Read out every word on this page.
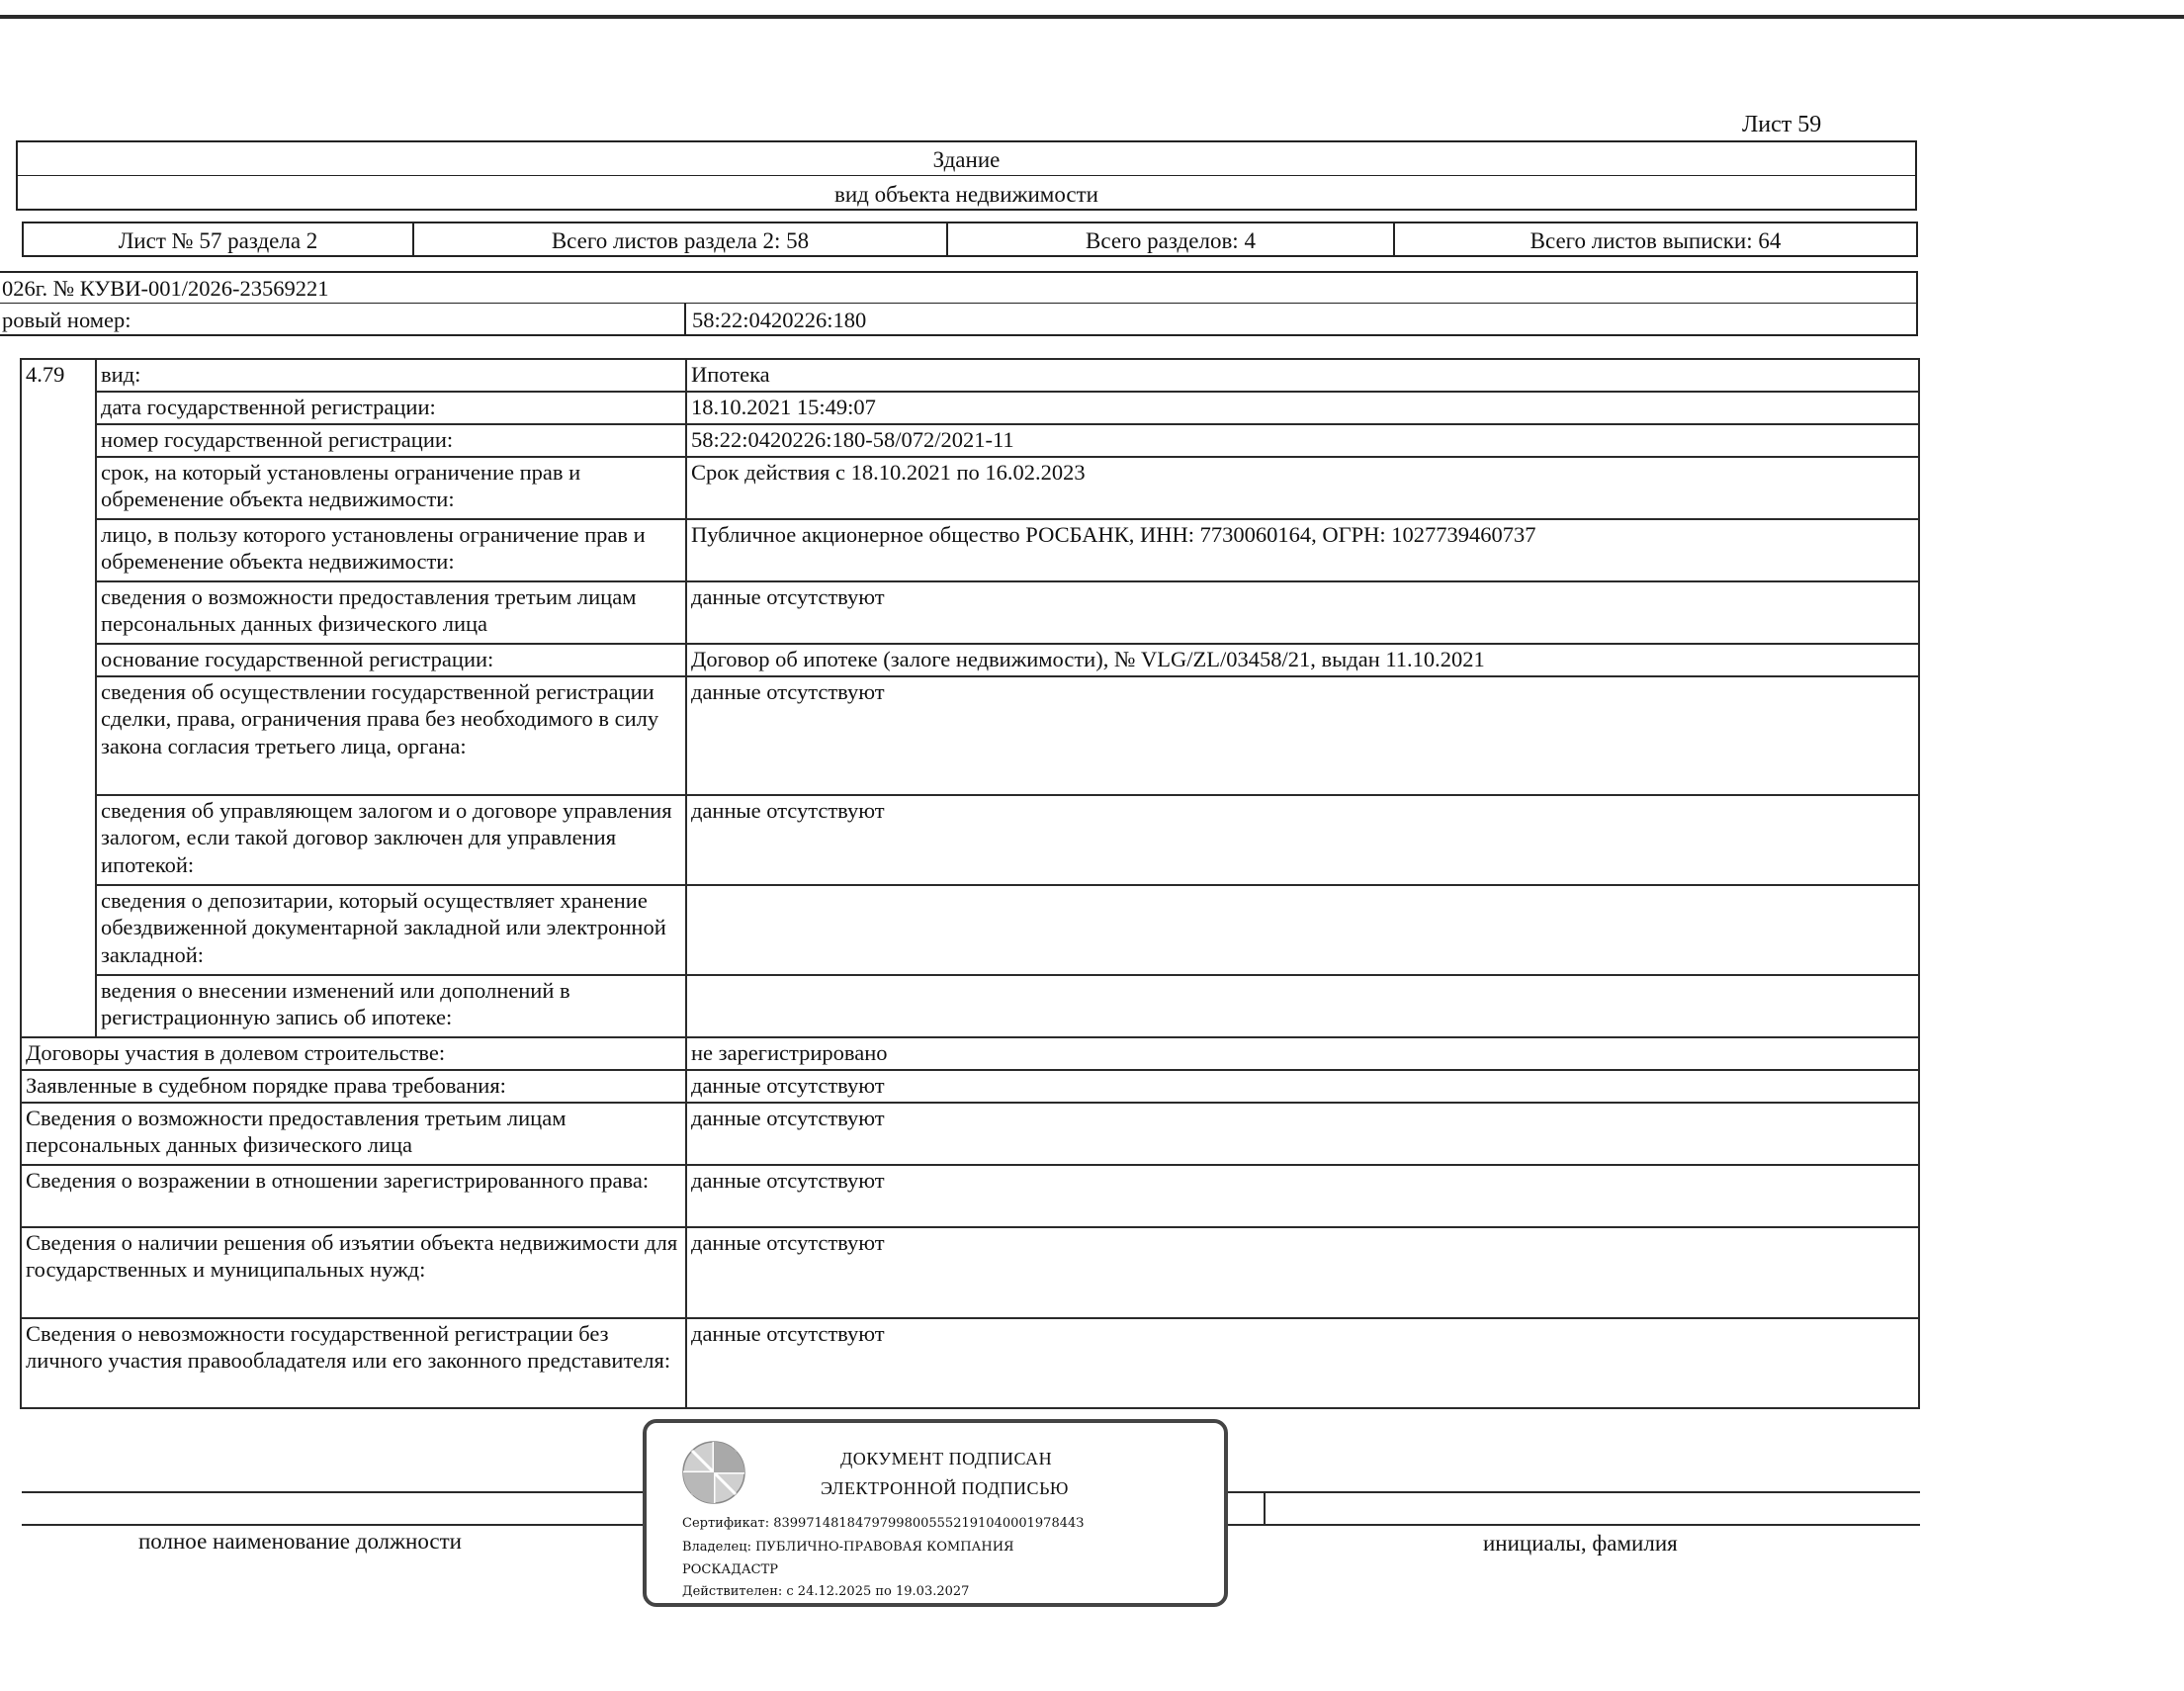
Лист 59
Здание
вид объекта недвижимости
Лист № 57 раздела 2	Всего листов раздела 2: 58	Всего разделов: 4	Всего листов выписки: 64
026г. № КУВИ-001/2026-23569221
ровый номер:	58:22:0420226:180
4.79	вид:	Ипотека
	дата государственной регистрации:	18.10.2021 15:49:07
	номер государственной регистрации:	58:22:0420226:180-58/072/2021-11
	срок, на который установлены ограничение прав и обременение объекта недвижимости:	Срок действия с 18.10.2021 по 16.02.2023
	лицо, в пользу которого установлены ограничение прав и обременение объекта недвижимости:	Публичное акционерное общество РОСБАНК, ИНН: 7730060164, ОГРН: 1027739460737
	сведения о возможности предоставления третьим лицам персональных данных физического лица	данные отсутствуют
	основание государственной регистрации:	Договор об ипотеке (залоге недвижимости), № VLG/ZL/03458/21, выдан 11.10.2021
	сведения об осуществлении государственной регистрации сделки, права, ограничения права без необходимого в силу закона согласия третьего лица, органа:	данные отсутствуют
	сведения об управляющем залогом и о договоре управления залогом, если такой договор заключен для управления ипотекой:	данные отсутствуют
	сведения о депозитарии, который осуществляет хранение обездвиженной документарной закладной или электронной закладной:	
	ведения о внесении изменений или дополнений в регистрационную запись об ипотеке:	
Договоры участия в долевом строительстве:		не зарегистрировано
Заявленные в судебном порядке права требования:		данные отсутствуют
Сведения о возможности предоставления третьим лицам персональных данных физического лица		данные отсутствуют
Сведения о возражении в отношении зарегистрированного права:		данные отсутствуют
Сведения о наличии решения об изъятии объекта недвижимости для государственных и муниципальных нужд:		данные отсутствуют
Сведения о невозможности государственной регистрации без личного участия правообладателя или его законного представителя:		данные отсутствуют
полное наименование должности	инициалы, фамилия
ДОКУМЕНТ ПОДПИСАН
ЭЛЕКТРОННОЙ ПОДПИСЬЮ
Сертификат: 8399714818479799800555219104000197844З
Владелец: ПУБЛИЧНО-ПРАВОВАЯ КОМПАНИЯ
РОСКАДАСТР
Действителен: с 24.12.2025 по 19.03.2027
